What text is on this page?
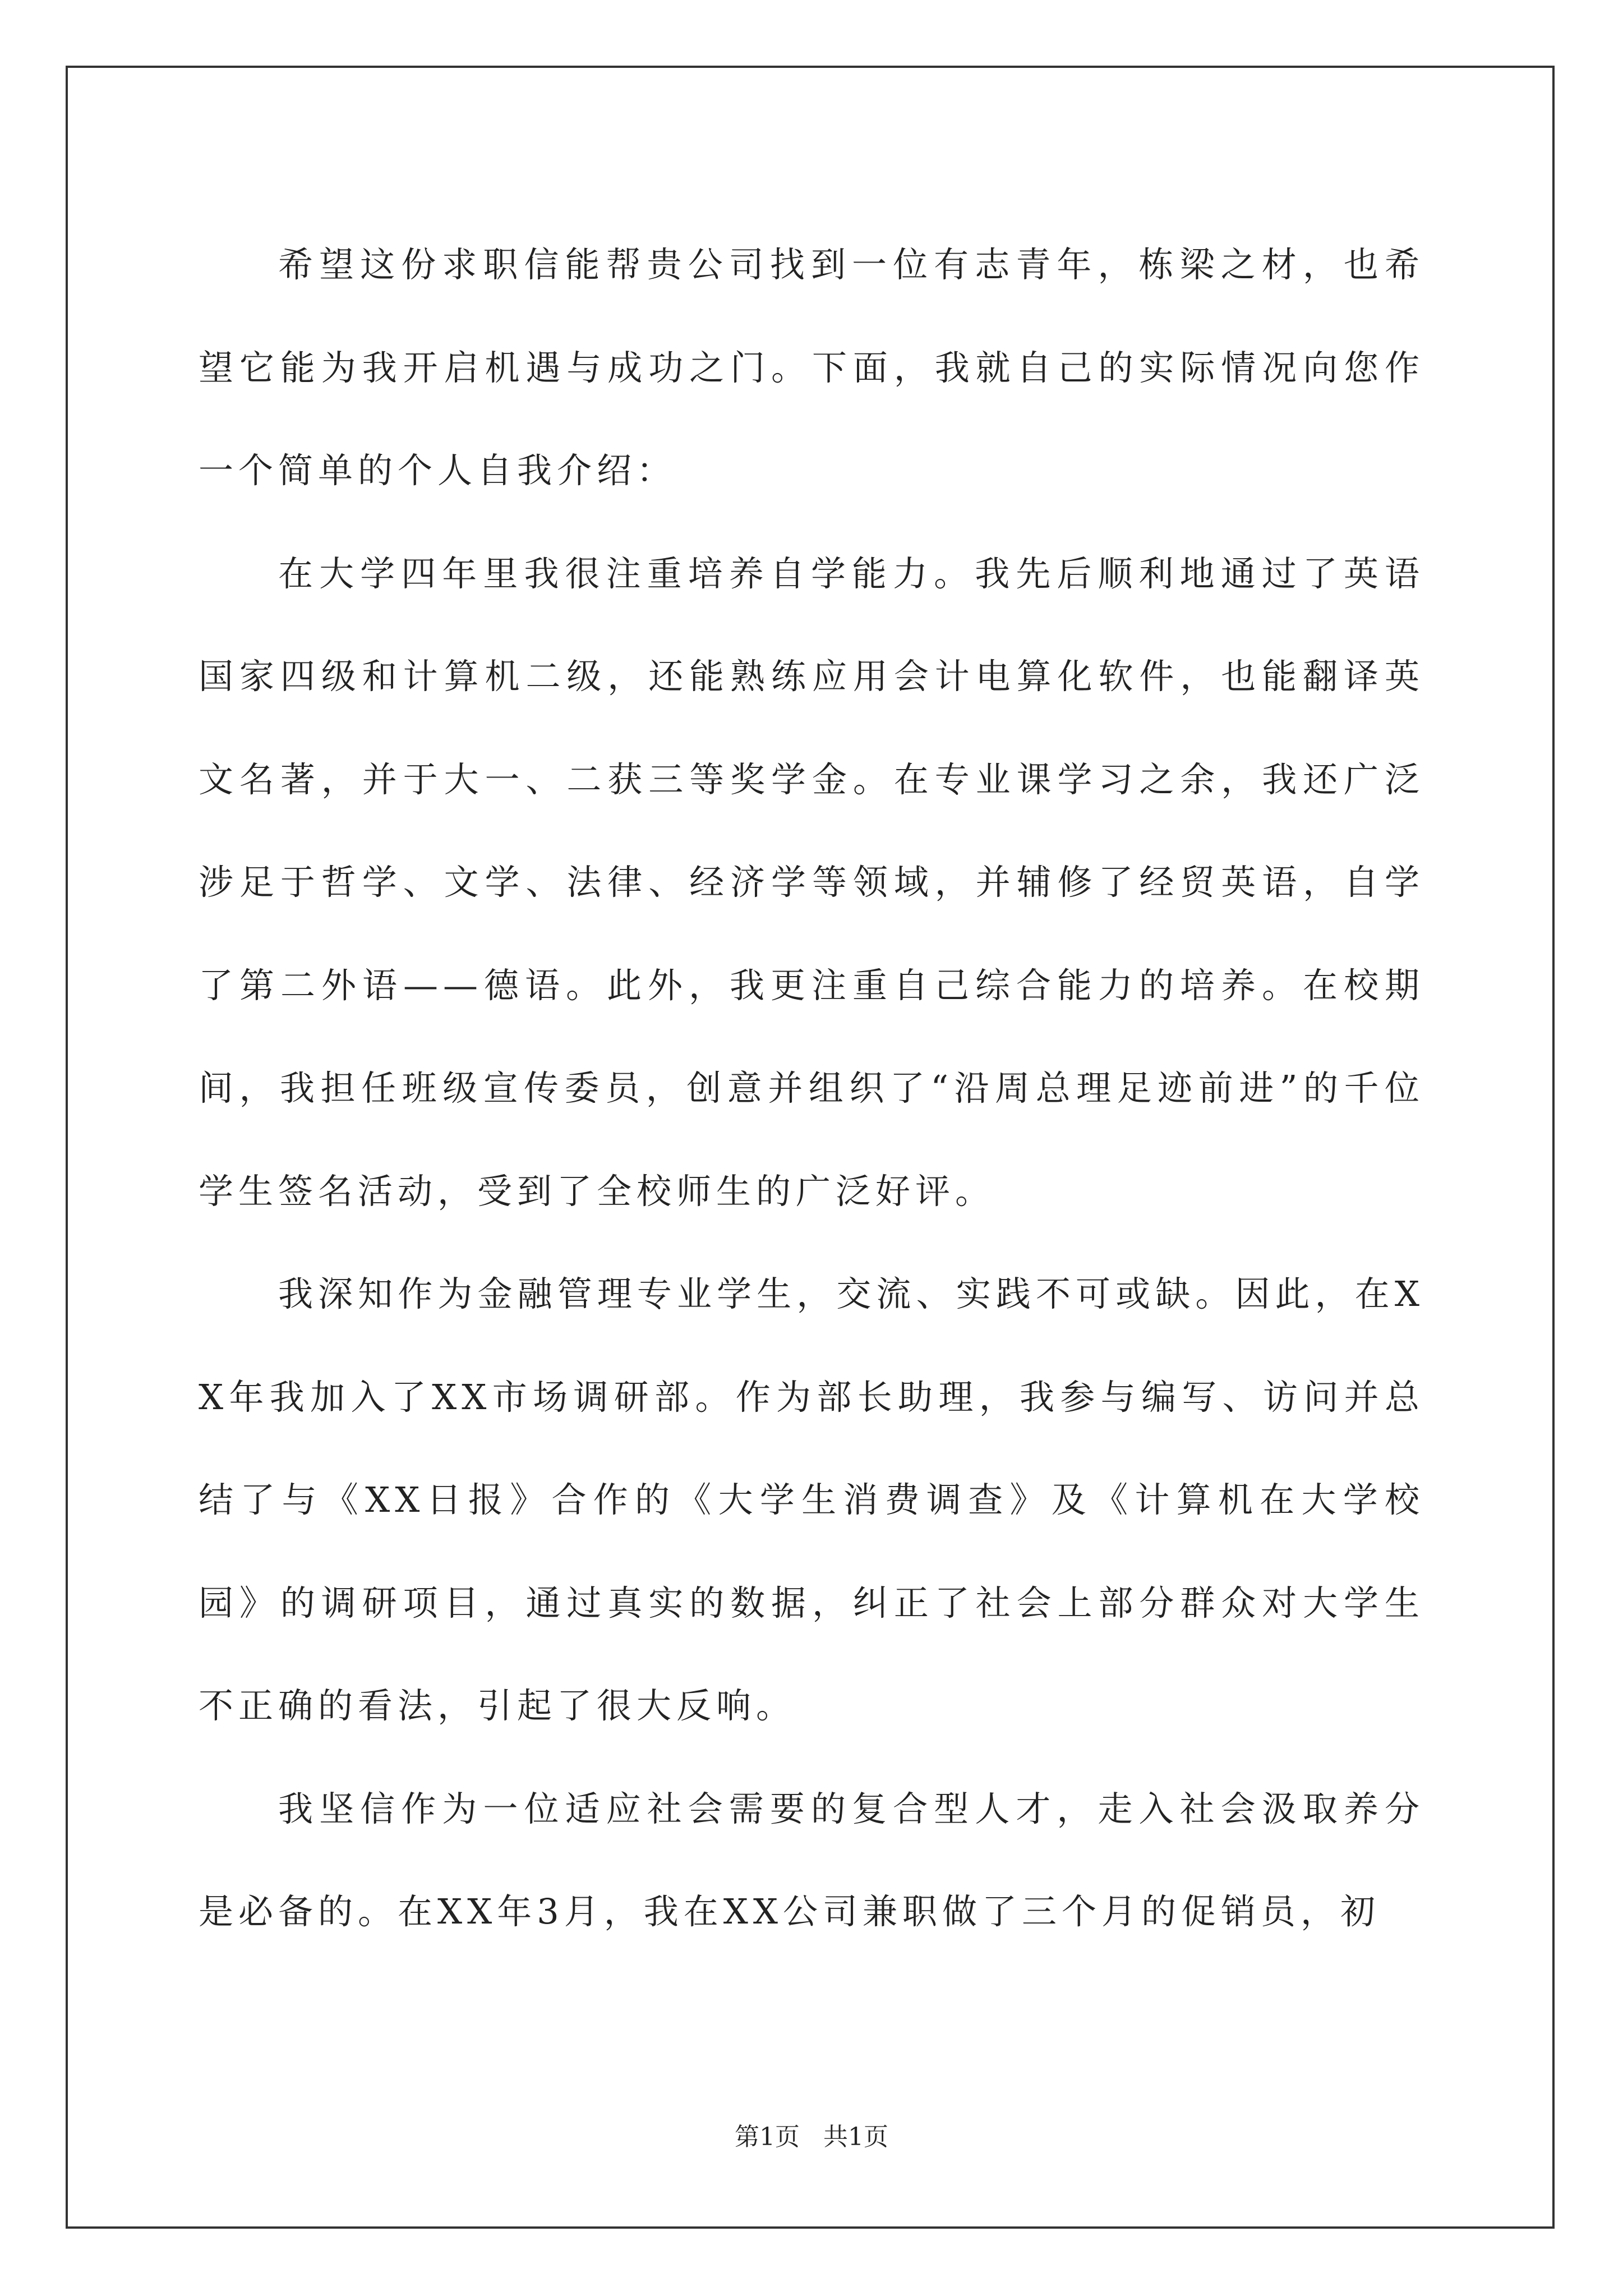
希望这份求职信能帮贵公司找到一位有志青年，栋梁之材，也希望它能为我开启机遇与成功之门。下面，我就自己的实际情况向您作一个简单的个人自我介绍：

在大学四年里我很注重培养自学能力。我先后顺利地通过了英语国家四级和计算机二级，还能熟练应用会计电算化软件，也能翻译英文名著，并于大一、二获三等奖学金。在专业课学习之余，我还广泛涉足于哲学、文学、法律、经济学等领域，并辅修了经贸英语，自学了第二外语——德语。此外，我更注重自己综合能力的培养。在校期间，我担任班级宣传委员，创意并组织了“沿周总理足迹前进”的千位学生签名活动，受到了全校师生的广泛好评。

我深知作为金融管理专业学生，交流、实践不可或缺。因此，在XX年我加入了XX市场调研部。作为部长助理，我参与编写、访问并总结了与《XX日报》合作的《大学生消费调查》及《计算机在大学校园》的调研项目，通过真实的数据，纠正了社会上部分群众对大学生不正确的看法，引起了很大反响。

我坚信作为一位适应社会需要的复合型人才，走入社会汲取养分是必备的。在XX年3月，我在XX公司兼职做了三个月的促销员，初

第1页   共1页
